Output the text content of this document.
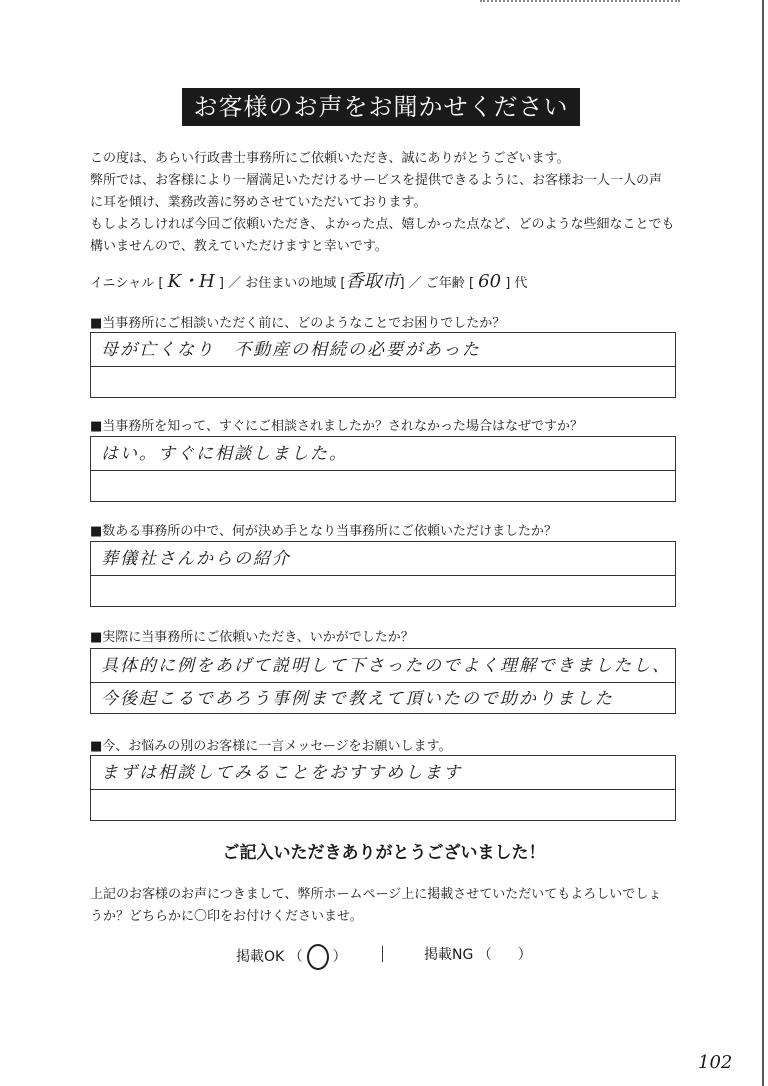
お客様のお声をお聞かせください

この度は、あらい行政書士事務所にご依頼いただき、誠にありがとうございます。

弊所では、お客様により一層満足いただけるサービスを提供できるように、お客様お一人一人の声

に耳を傾け、業務改善に努めさせていただいております。

もしよろしければ今回ご依頼いただき、よかった点、嬉しかった点など、どのような些細なことでも

構いませんので、教えていただけますと幸いです。

イニシャル [ K・H ] ／ お住まいの地域 [香取市] ／ ご年齢 [ 60 ] 代
■当事務所にご相談いただく前に、どのようなことでお困りでしたか？
母が亡くなり　不動産の相続の必要があった
■当事務所を知って、すぐにご相談されましたか？されなかった場合はなぜですか？
はい。すぐに相談しました。
■数ある事務所の中で、何が決め手となり当事務所にご依頼いただけましたか？
葬儀社さんからの紹介
■実際に当事務所にご依頼いただき、いかがでしたか？
具体的に例をあげて説明して下さったのでよく理解できましたし、
今後起こるであろう事例まで教えて頂いたので助かりました
■今、お悩みの別のお客様に一言メッセージをお願いします。
まずは相談してみることをおすすめします
ご記入いただきありがとうございました！

上記のお客様のお声につきまして、弊所ホームページ上に掲載させていただいてもよろしいでしょ

うか？どちらかに〇印をお付けくださいませ。

掲載OK （ ）	掲載NG （ ）
102
